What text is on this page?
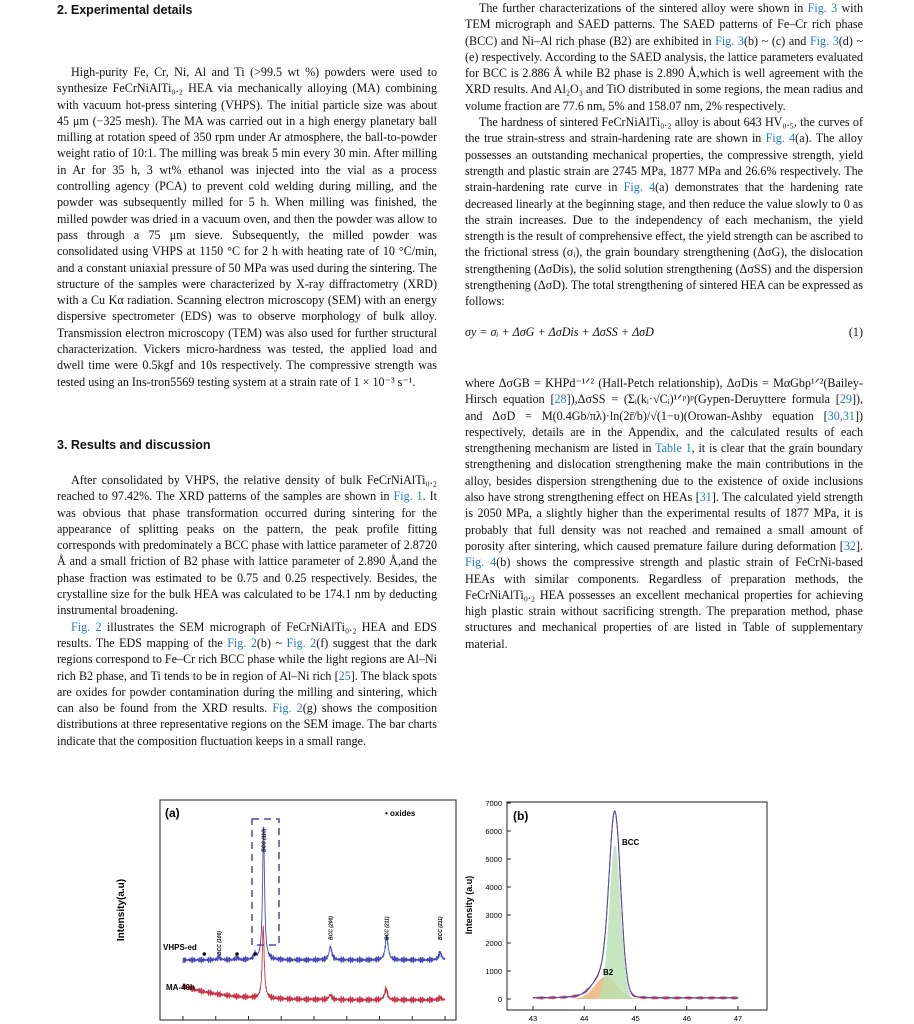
2. Experimental details

High-purity Fe, Cr, Ni, Al and Ti (>99.5 wt %) powders were used to synthesize FeCrNiAlTi₀.₂ HEA via mechanically alloying (MA) combining with vacuum hot-press sintering (VHPS). The initial particle size was about 45 μm (−325 mesh). The MA was carried out in a high energy planetary ball milling at rotation speed of 350 rpm under Ar atmosphere, the ball-to-powder weight ratio of 10:1. The milling was break 5 min every 30 min. After milling in Ar for 35 h, 3 wt% ethanol was injected into the vial as a process controlling agency (PCA) to prevent cold welding during milling, and the powder was subsequently milled for 5 h. When milling was finished, the milled powder was dried in a vacuum oven, and then the powder was allow to pass through a 75 μm sieve. Subsequently, the milled powder was consolidated using VHPS at 1150 °C for 2 h with heating rate of 10 °C/min, and a constant uniaxial pressure of 50 MPa was used during the sintering. The structure of the samples were characterized by X-ray diffractometry (XRD) with a Cu Kα radiation. Scanning electron microscopy (SEM) with an energy dispersive spectrometer (EDS) was to observe morphology of bulk alloy. Transmission electron microscopy (TEM) was also used for further structural characterization. Vickers micro-hardness was tested, the applied load and dwell time were 0.5kgf and 10s respectively. The compressive strength was tested using an Ins-tron5569 testing system at a strain rate of 1 × 10⁻³ s⁻¹.

3. Results and discussion

After consolidated by VHPS, the relative density of bulk FeCrNiAlTi₀.₂ reached to 97.42%. The XRD patterns of the samples are shown in Fig. 1. It was obvious that phase transformation occurred during sintering for the appearance of splitting peaks on the pattern, the peak profile fitting corresponds with predominately a BCC phase with lattice parameter of 2.8720 Å and a small friction of B2 phase with lattice parameter of 2.890 Å,and the phase fraction was estimated to be 0.75 and 0.25 respectively. Besides, the crystalline size for the bulk HEA was calculated to be 174.1 nm by deducting instrumental broadening.

Fig. 2 illustrates the SEM micrograph of FeCrNiAlTi₀.₂ HEA and EDS results. The EDS mapping of the Fig. 2(b) ~ Fig. 2(f) suggest that the dark regions correspond to Fe–Cr rich BCC phase while the light regions are Al–Ni rich B2 phase, and Ti tends to be in region of Al–Ni rich [25]. The black spots are oxides for powder contamination during the milling and sintering, which can also be found from the XRD results. Fig. 2(g) shows the composition distributions at three representative regions on the SEM image. The bar charts indicate that the composition fluctuation keeps in a small range.

The further characterizations of the sintered alloy were shown in Fig. 3 with TEM micrograph and SAED patterns. The SAED patterns of Fe–Cr rich phase (BCC) and Ni–Al rich phase (B2) are exhibited in Fig. 3(b) ~ (c) and Fig. 3(d) ~ (e) respectively. According to the SAED analysis, the lattice parameters evaluated for BCC is 2.886 Å while B2 phase is 2.890 Å,which is well agreement with the XRD results. And Al₂O₃ and TiO distributed in some regions, the mean radius and volume fraction are 77.6 nm, 5% and 158.07 nm, 2% respectively.

The hardness of sintered FeCrNiAlTi₀.₂ alloy is about 643 HV₀.₅, the curves of the true strain-stress and strain-hardening rate are shown in Fig. 4(a). The alloy possesses an outstanding mechanical properties, the compressive strength, yield strength and plastic strain are 2745 MPa, 1877 MPa and 26.6% respectively. The strain-hardening rate curve in Fig. 4(a) demonstrates that the hardening rate decreased linearly at the beginning stage, and then reduce the value slowly to 0 as the strain increases. Due to the independency of each mechanism, the yield strength is the result of comprehensive effect, the yield strength can be ascribed to the frictional stress (σᵢ), the grain boundary strengthening (ΔσG), the dislocation strengthening (ΔσDis), the solid solution strengthening (ΔσSS) and the dispersion strengthening (ΔσD). The total strengthening of sintered HEA can be expressed as follows:

σy = σᵢ + ΔσG + ΔσDis + ΔσSS + ΔσD	(1)

where ΔσGB = KHPd⁻¹ᐟ² (Hall-Petch relationship), ΔσDis = MαGbρ¹ᐟ²(Bailey-Hirsch equation [28]),ΔσSS = (Σᵢ(kᵢ·√Cᵢ)¹ᐟᵖ)ᵖ(Gypen-Deruyttere formula [29]), and ΔσD = M(0.4Gb/πλ)·ln(2r̄/b)/√(1−υ)(Orowan-Ashby equation [30,31]) respectively, details are in the Appendix, and the calculated results of each strengthening mechanism are listed in Table 1, it is clear that the grain boundary strengthening and dislocation strengthening make the main contributions in the alloy, besides dispersion strengthening due to the existence of oxide inclusions also have strong strengthening effect on HEAs [31]. The calculated yield strength is 2050 MPa, a slightly higher than the experimental results of 1877 MPa, it is probably that full density was not reached and remained a small amount of porosity after sintering, which caused premature failure during deformation [32]. Fig. 4(b) shows the compressive strength and plastic strain of FeCrNi-based HEAs with similar components. Regardless of preparation methods, the FeCrNiAlTi₀.₂ HEA possesses an excellent mechanical properties for achieving high plastic strain without sacrificing strength. The preparation method, phase structures and mechanical properties of are listed in Table of supplementary material.

(a)	• oxides
Intensity(a.u)
VHPS-ed
MA-40h
BCC (100)
BCC (110)
BCC (200)	BCC (211)	BCC (211)
(b)
Intensity (a.u)
43	44	45	46	47
0
1000
2000
3000
4000
5000
6000
7000
BCC
B2
